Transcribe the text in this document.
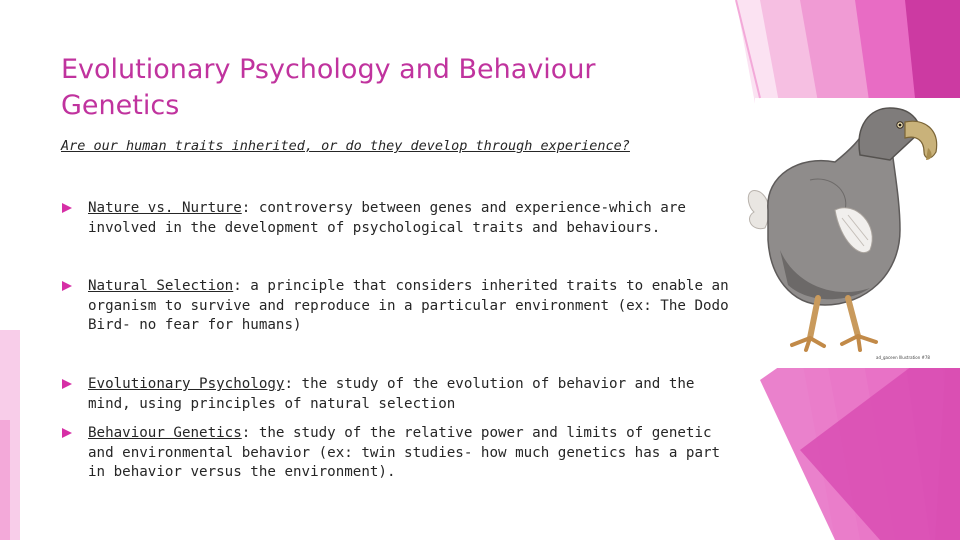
Evolutionary Psychology and Behaviour Genetics
Are our human traits inherited, or do they develop through experience?
Nature vs. Nurture: controversy between genes and experience-which are involved in the development of psychological traits and behaviours.
Natural Selection: a principle that considers inherited traits to enable an organism to survive and reproduce in a particular environment (ex: The Dodo Bird- no fear for humans)
Evolutionary Psychology: the study of the evolution of behavior and the mind, using principles of natural selection
Behaviour Genetics: the study of the relative power and limits of genetic and environmental behavior (ex: twin studies- how much genetics has a part in behavior versus the environment).
ad_gaceen Illustration #78
